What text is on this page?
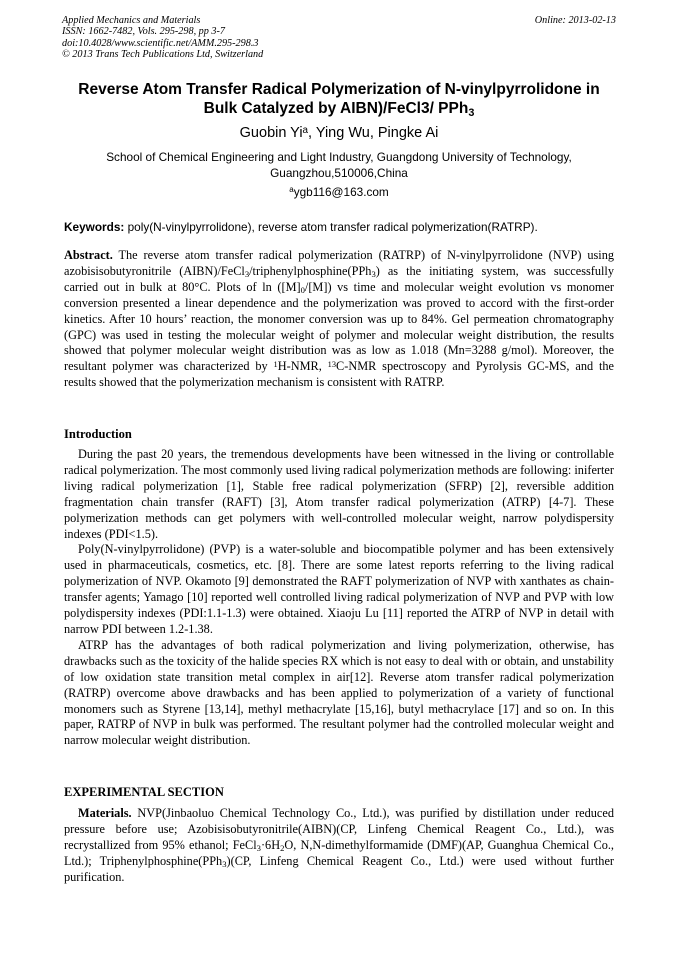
Applied Mechanics and Materials
ISSN: 1662-7482, Vols. 295-298, pp 3-7
doi:10.4028/www.scientific.net/AMM.295-298.3
© 2013 Trans Tech Publications Ltd, Switzerland
Online: 2013-02-13
Reverse Atom Transfer Radical Polymerization of N-vinylpyrrolidone in
Bulk Catalyzed by AIBN)/FeCl3/ PPh$_3$
Guobin Yi$^a$, Ying Wu, Pingke Ai
School of Chemical Engineering and Light Industry, Guangdong University of Technology,
Guangzhou,510006,China
$^a$ygb116@163.com
Keywords: poly(N-vinylpyrrolidone), reverse atom transfer radical polymerization(RATRP).

Abstract. The reverse atom transfer radical polymerization (RATRP) of N-vinylpyrrolidone (NVP) using azobisisobutyronitrile (AIBN)/FeCl$_3$/triphenylphosphine(PPh$_3$) as the initiating system, was successfully carried out in bulk at 80°C. Plots of $\ln ([M]_0/[M])$ vs time and molecular weight evolution vs monomer conversion presented a linear dependence and the polymerization was proved to accord with the first-order kinetics. After 10 hours’ reaction, the monomer conversion was up to 84%. Gel permeation chromatography (GPC) was used in testing the molecular weight of polymer and molecular weight distribution, the results showed that polymer molecular weight distribution was as low as 1.018 (Mn=3288 g/mol). Moreover, the resultant polymer was characterized by $^1$H-NMR, $^{13}$C-NMR spectroscopy and Pyrolysis GC-MS, and the results showed that the polymerization mechanism is consistent with RATRP.

Introduction

During the past 20 years, the tremendous developments have been witnessed in the living or controllable radical polymerization. The most commonly used living radical polymerization methods are following: iniferter living radical polymerization [1], Stable free radical polymerization (SFRP) [2], reversible addition fragmentation chain transfer (RAFT) [3], Atom transfer radical polymerization (ATRP) [4-7]. These polymerization methods can get polymers with well-controlled molecular weight, narrow polydispersity indexes (PDI<1.5).

Poly(N-vinylpyrrolidone) (PVP) is a water-soluble and biocompatible polymer and has been extensively used in pharmaceuticals, cosmetics, etc. [8]. There are some latest reports referring to the living radical polymerization of NVP. Okamoto [9] demonstrated the RAFT polymerization of NVP with xanthates as chain-transfer agents; Yamago [10] reported well controlled living radical polymerization of NVP and PVP with low polydispersity indexes (PDI:1.1-1.3) were obtained. Xiaoju Lu [11] reported the ATRP of NVP in detail with narrow PDI between 1.2-1.38.

ATRP has the advantages of both radical polymerization and living polymerization, otherwise, has drawbacks such as the toxicity of the halide species RX which is not easy to deal with or obtain, and unstability of low oxidation state transition metal complex in air[12]. Reverse atom transfer radical polymerization (RATRP) overcome above drawbacks and has been applied to polymerization of a variety of functional monomers such as Styrene [13,14], methyl methacrylate [15,16], butyl methacrylace [17] and so on. In this paper, RATRP of NVP in bulk was performed. The resultant polymer had the controlled molecular weight and narrow molecular weight distribution.

EXPERIMENTAL SECTION

Materials. NVP(Jinbaoluo Chemical Technology Co., Ltd.), was purified by distillation under reduced pressure before use; Azobisisobutyronitrile(AIBN)(CP, Linfeng Chemical Reagent Co., Ltd.), was recrystallized from 95% ethanol; $FeCl_3\cdot 6H_2O$, N,N-dimethylformamide (DMF)(AP, Guanghua Chemical Co., Ltd.); Triphenylphosphine(PPh$_3$)(CP, Linfeng Chemical Reagent Co., Ltd.) were used without further purification.
